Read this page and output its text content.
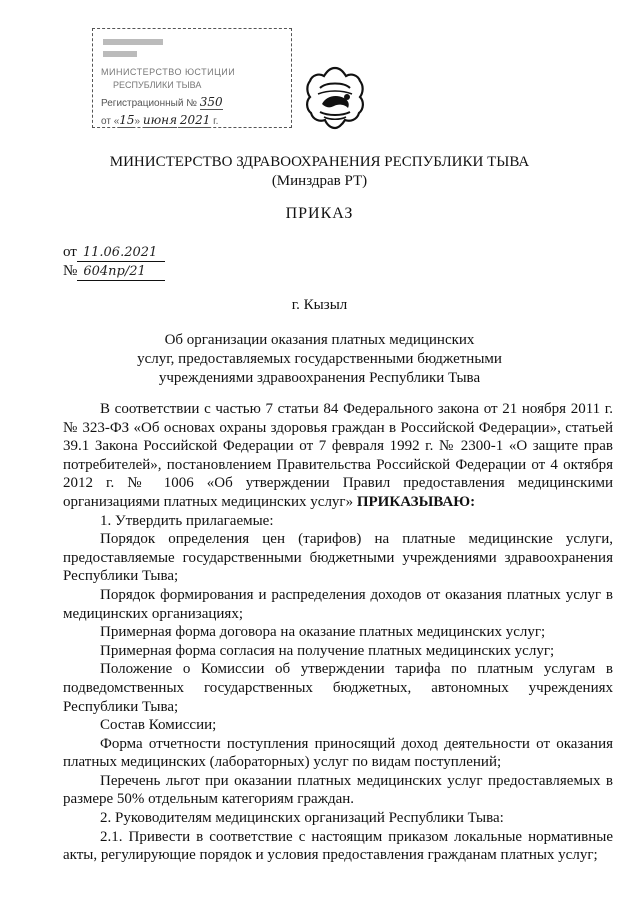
МИНИСТЕРСТВО ЮСТИЦИИ
РЕСПУБЛИКИ ТЫВА
Регистрационный № 350
от «15» июня 2021 г.
МИНИСТЕРСТВО ЗДРАВООХРАНЕНИЯ РЕСПУБЛИКИ ТЫВА
(Минздрав РТ)
ПРИКАЗ
от 11.06.2021
№ 604пр/21
г. Кызыл
Об организации оказания платных медицинских
услуг, предоставляемых государственными бюджетными
учреждениями здравоохранения Республики Тыва

В соответствии с частью 7 статьи 84 Федерального закона от 21 ноября 2011 г. № 323-ФЗ «Об основах охраны здоровья граждан в Российской Федерации», статьей 39.1 Закона Российской Федерации от 7 февраля 1992 г. № 2300-1 «О защите прав потребителей», постановлением Правительства Российской Федерации от 4 октября 2012 г. № 1006 «Об утверждении Правил предоставления медицинскими организациями платных медицинских услуг» ПРИКАЗЫВАЮ:

1. Утвердить прилагаемые:

Порядок определения цен (тарифов) на платные медицинские услуги, предоставляемые государственными бюджетными учреждениями здравоохранения Республики Тыва;

Порядок формирования и распределения доходов от оказания платных услуг в медицинских организациях;

Примерная форма договора на оказание платных медицинских услуг;

Примерная форма согласия на получение платных медицинских услуг;

Положение о Комиссии об утверждении тарифа по платным услугам в подведомственных государственных бюджетных, автономных учреждениях Республики Тыва;

Состав Комиссии;

Форма отчетности поступления приносящий доход деятельности от оказания платных медицинских (лабораторных) услуг по видам поступлений;

Перечень льгот при оказании платных медицинских услуг предоставляемых в размере 50% отдельным категориям граждан.

2. Руководителям медицинских организаций Республики Тыва:

2.1. Привести в соответствие с настоящим приказом локальные нормативные акты, регулирующие порядок и условия предоставления гражданам платных услуг;
